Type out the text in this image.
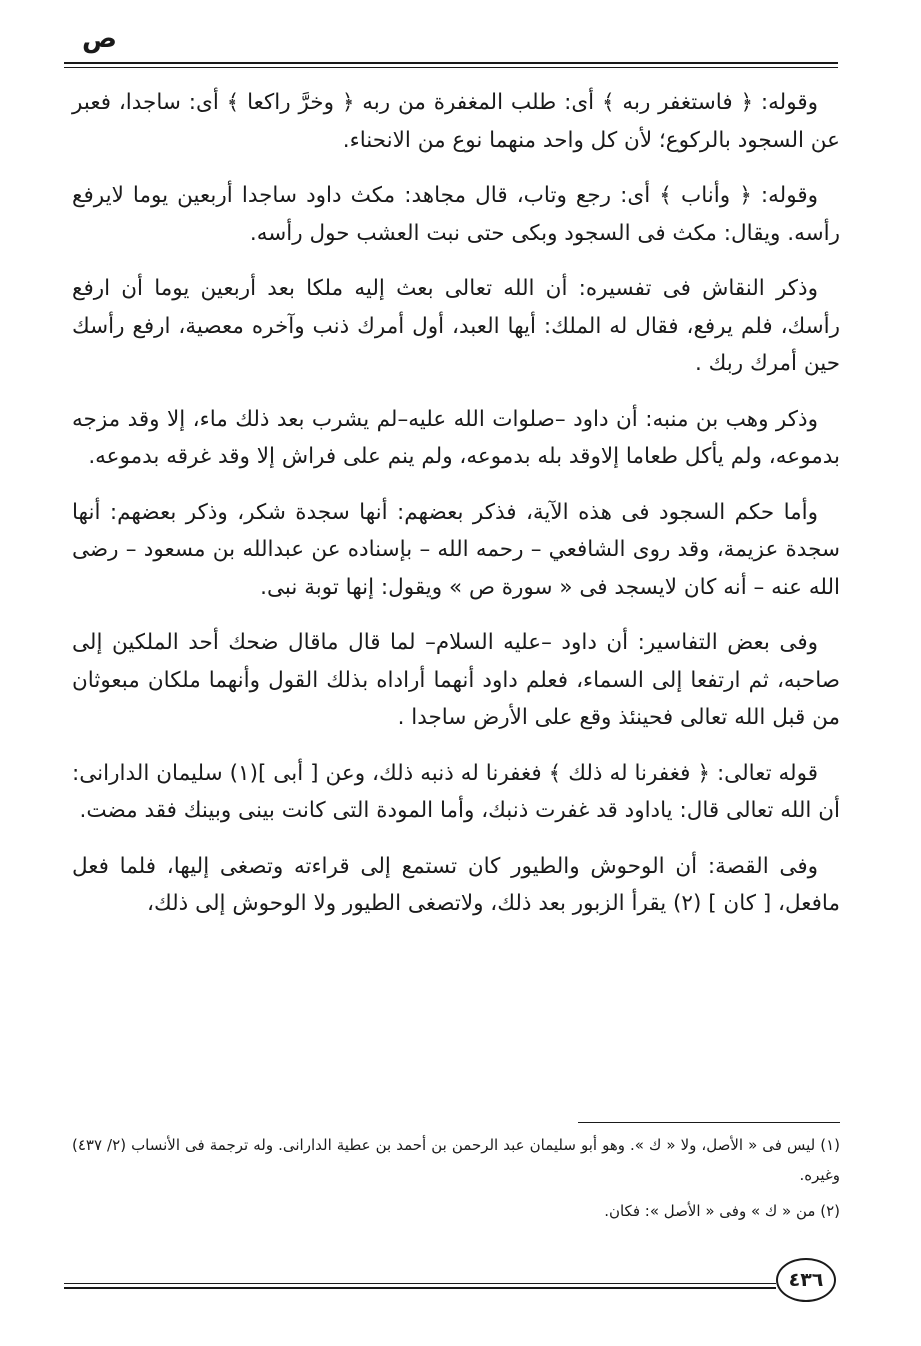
ص

وقوله: ﴿ فاستغفر ربه ﴾ أى: طلب المغفرة من ربه ﴿ وخرَّ راكعا ﴾ أى: ساجدا، فعبر عن السجود بالركوع؛ لأن كل واحد منهما نوع من الانحناء.

وقوله: ﴿ وأناب ﴾ أى: رجع وتاب، قال مجاهد: مكث داود ساجدا أربعين يوما لايرفع رأسه. ويقال: مكث فى السجود وبكى حتى نبت العشب حول رأسه.

وذكر النقاش فى تفسيره: أن الله تعالى بعث إليه ملكا بعد أربعين يوما أن ارفع رأسك، فلم يرفع، فقال له الملك: أيها العبد، أول أمرك ذنب وآخره معصية، ارفع رأسك حين أمرك ربك .

وذكر وهب بن منبه: أن داود –صلوات الله عليه–لم يشرب بعد ذلك ماء، إلا وقد مزجه بدموعه، ولم يأكل طعاما إلاوقد بله بدموعه، ولم ينم على فراش إلا وقد غرقه بدموعه.

وأما حكم السجود فى هذه الآية، فذكر بعضهم: أنها سجدة شكر، وذكر بعضهم: أنها سجدة عزيمة، وقد روى الشافعي – رحمه الله – بإسناده عن عبدالله بن مسعود – رضى الله عنه – أنه كان لايسجد فى « سورة ص » ويقول: إنها توبة نبى.

وفى بعض التفاسير: أن داود –عليه السلام– لما قال ماقال ضحك أحد الملكين إلى صاحبه، ثم ارتفعا إلى السماء، فعلم داود أنهما أراداه بذلك القول وأنهما ملكان مبعوثان من قبل الله تعالى فحينئذ وقع على الأرض ساجدا .

قوله تعالى: ﴿ فغفرنا له ذلك ﴾ فغفرنا له ذنبه ذلك، وعن [ أبى ](١) سليمان الدارانى: أن الله تعالى قال: ياداود قد غفرت ذنبك، وأما المودة التى كانت بينى وبينك فقد مضت.

وفى القصة: أن الوحوش والطيور كان تستمع إلى قراءته وتصغى إليها، فلما فعل مافعل، [ كان ] (٢) يقرأ الزبور بعد ذلك، ولاتصغى الطيور ولا الوحوش إلى ذلك،

(١) ليس فى « الأصل، ولا « ك ». وهو أبو سليمان عبد الرحمن بن أحمد بن عطية الدارانى. وله ترجمة فى الأنساب (٢/ ٤٣٧) وغيره.

(٢) من « ك » وفى « الأصل »: فكان.

٤٣٦
